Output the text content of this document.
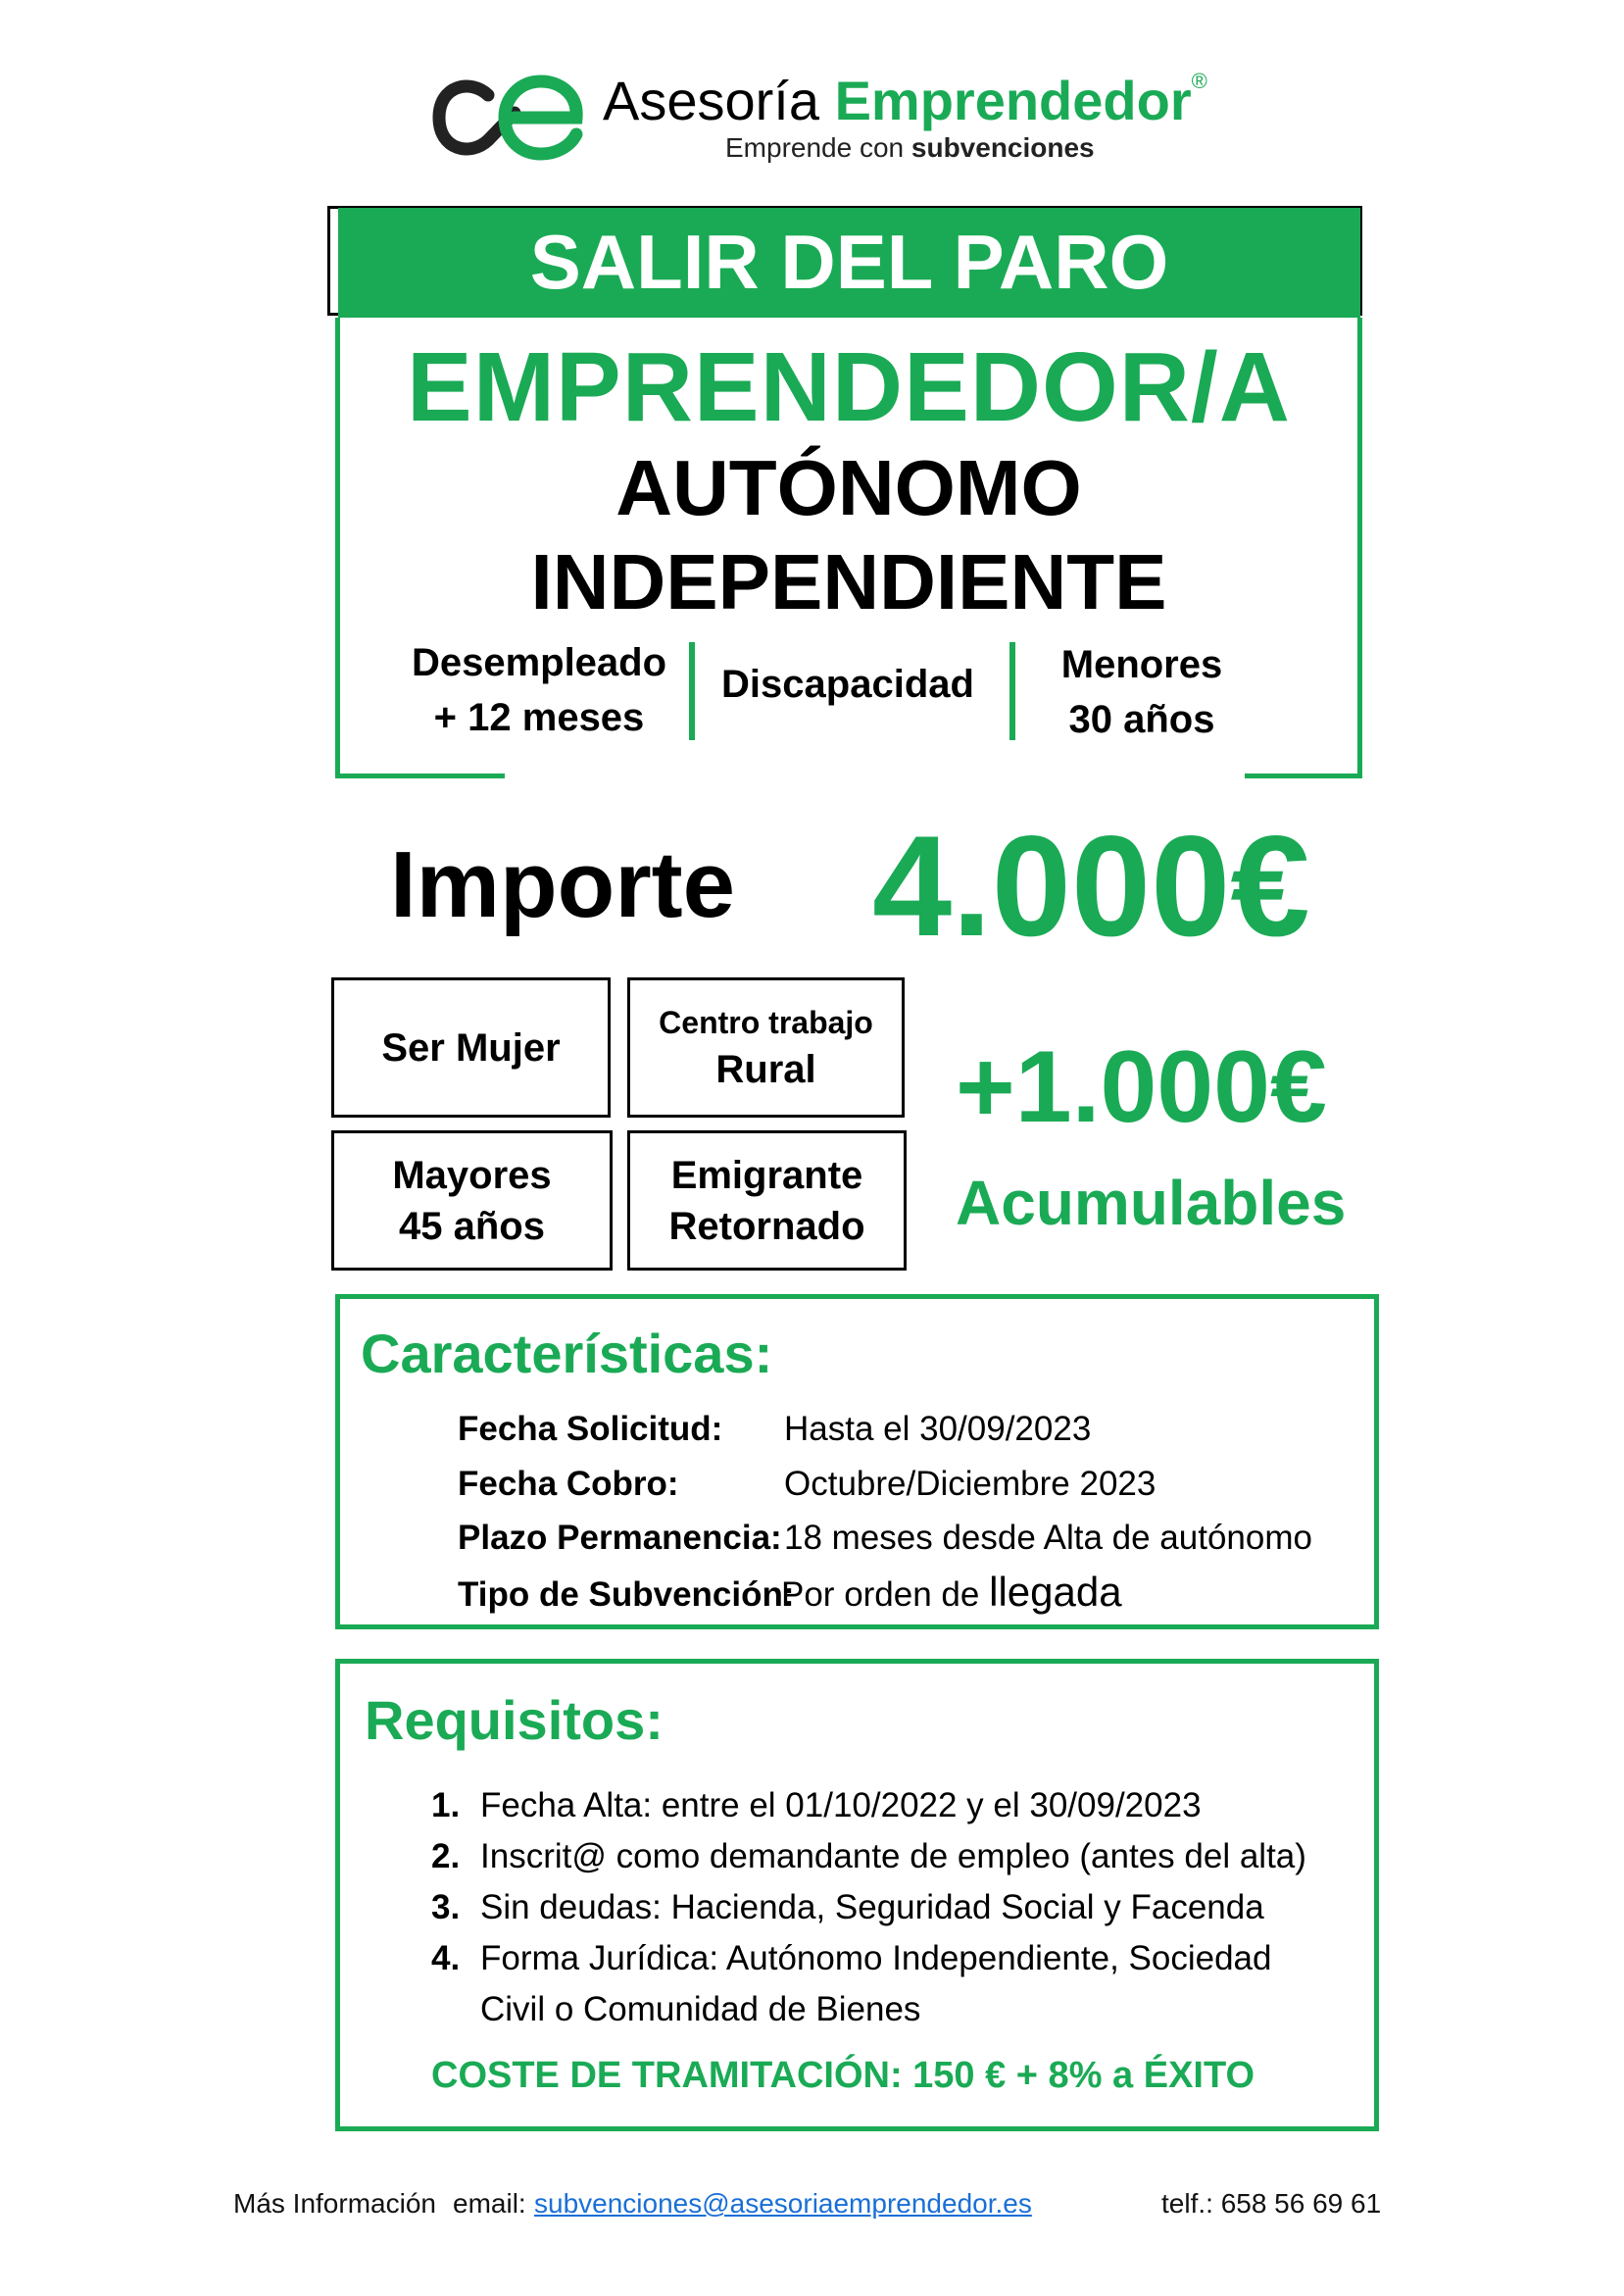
Asesoría Emprendedor®
Emprende con subvenciones
SALIR DEL PARO
EMPRENDEDOR/A
AUTÓNOMO
INDEPENDIENTE
Desempleado
+ 12 meses
Discapacidad	Menores
30 años
Importe 4.000€
Ser Mujer
Centro trabajo
Rural
Mayores
45 años
Emigrante
Retornado
+1.000€
Acumulables
Características:
Fecha Solicitud: Hasta el 30/09/2023
Fecha Cobro:	Octubre/Diciembre 2023
Plazo Permanencia: 18 meses desde Alta de autónomo
Tipo de Subvención:
Por orden de llegada
Requisitos:
1. Fecha Alta: entre el 01/10/2022 y el 30/09/2023
2. Inscrit@ como demandante de empleo (antes del alta)
3. Sin deudas: Hacienda, Seguridad Social y Facenda
4. Forma Jurídica: Autónomo Independiente, Sociedad
Civil o Comunidad de Bienes
COSTE DE TRAMITACIÓN: 150 € + 8% a ÉXITO
Más Información email: subvenciones@asesoriaemprendedor.es	telf.: 658 56 69 61
